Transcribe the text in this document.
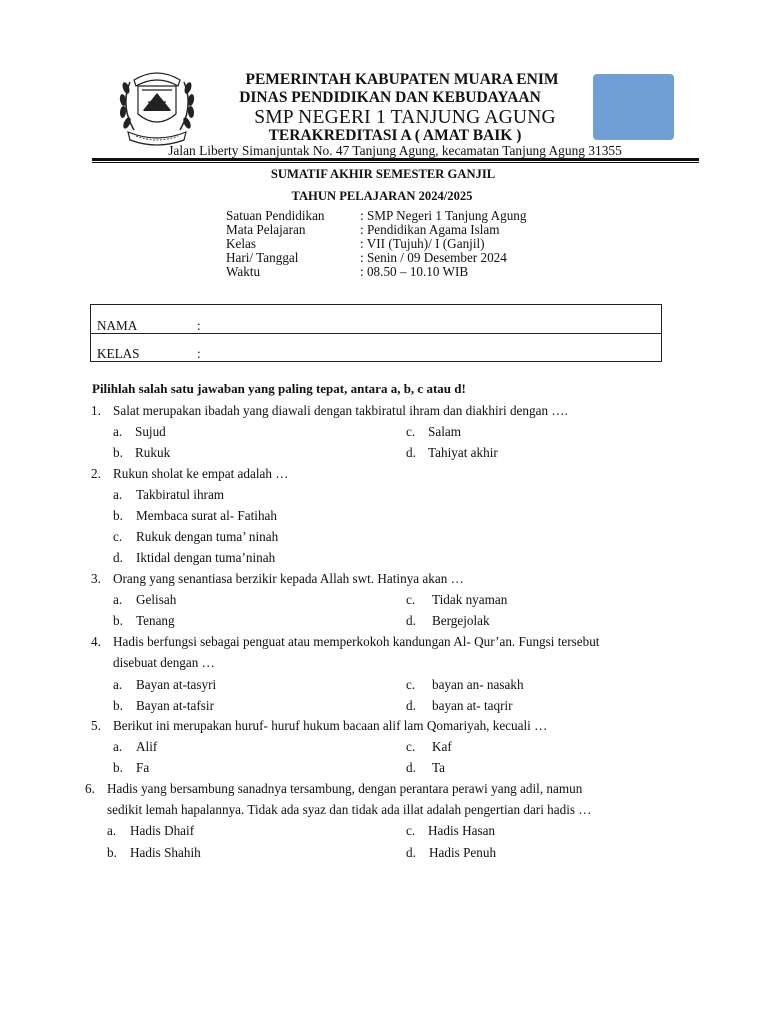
PEMERINTAH KABUPATEN MUARA ENIM
DINAS PENDIDIKAN DAN KEBUDAYAAN
SMP NEGERI 1 TANJUNG AGUNG
TERAKREDITASI A ( AMAT BAIK )
Jalan Liberty Simanjuntak No. 47 Tanjung Agung, kecamatan Tanjung Agung 31355
SUMATIF AKHIR SEMESTER GANJIL
TAHUN PELAJARAN 2024/2025
Satuan Pendidikan	: SMP Negeri 1 Tanjung Agung
Mata Pelajaran	: Pendidikan Agama Islam
Kelas	: VII (Tujuh)/ I (Ganjil)
Hari/ Tanggal	: Senin / 09 Desember 2024
Waktu	: 08.50 – 10.10 WIB
NAMA	:
KELAS	:
Pilihlah salah satu jawaban yang paling tepat, antara a, b, c atau d!
1. Salat merupakan ibadah yang diawali dengan takbiratul ihram dan diakhiri dengan ….
a. Sujud	c. Salam
b. Rukuk	d. Tahiyat akhir
2. Rukun sholat ke empat adalah …
a. Takbiratul ihram
b. Membaca surat al- Fatihah
c. Rukuk dengan tuma’ ninah
d. Iktidal dengan tuma’ninah
3. Orang yang senantiasa berzikir kepada Allah swt. Hatinya akan …
a. Gelisah	c. Tidak nyaman
b. Tenang	d. Bergejolak
4. Hadis berfungsi sebagai penguat atau memperkokoh kandungan Al- Qur’an. Fungsi tersebut
disebuat dengan …
a. Bayan at-tasyri	c. bayan an- nasakh
b. Bayan at-tafsir	d. bayan at- taqrir
5. Berikut ini merupakan huruf- huruf hukum bacaan alif lam Qomariyah, kecuali …
a. Alif	c. Kaf
b. Fa	d. Ta
6. Hadis yang bersambung sanadnya tersambung, dengan perantara perawi yang adil, namun
sedikit lemah hapalannya. Tidak ada syaz dan tidak ada illat adalah pengertian dari hadis …
a. Hadis Dhaif	c. Hadis Hasan
b. Hadis Shahih	d. Hadis Penuh
